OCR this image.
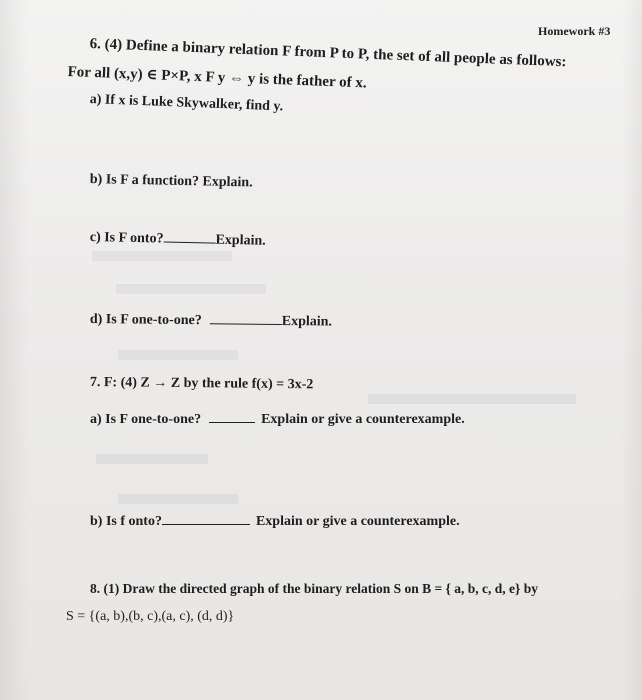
Homework #3
6. (4) Define a binary relation F from P to P, the set of all people as follows:
For all (x,y) ∈ P×P, x F y ⇔ y is the father of x.
a) If x is Luke Skywalker, find y.
b) Is F a function? Explain.
c) Is F onto?	Explain.
d) Is F one-to-one?	Explain.
7. F: (4) Z → Z by the rule f(x) = 3x-2
a) Is F one-to-one?	Explain or give a counterexample.
b) Is f onto?	Explain or give a counterexample.
8. (1) Draw the directed graph of the binary relation S on B = { a, b, c, d, e} by
S = {(a, b),(b, c),(a, c), (d, d)}
